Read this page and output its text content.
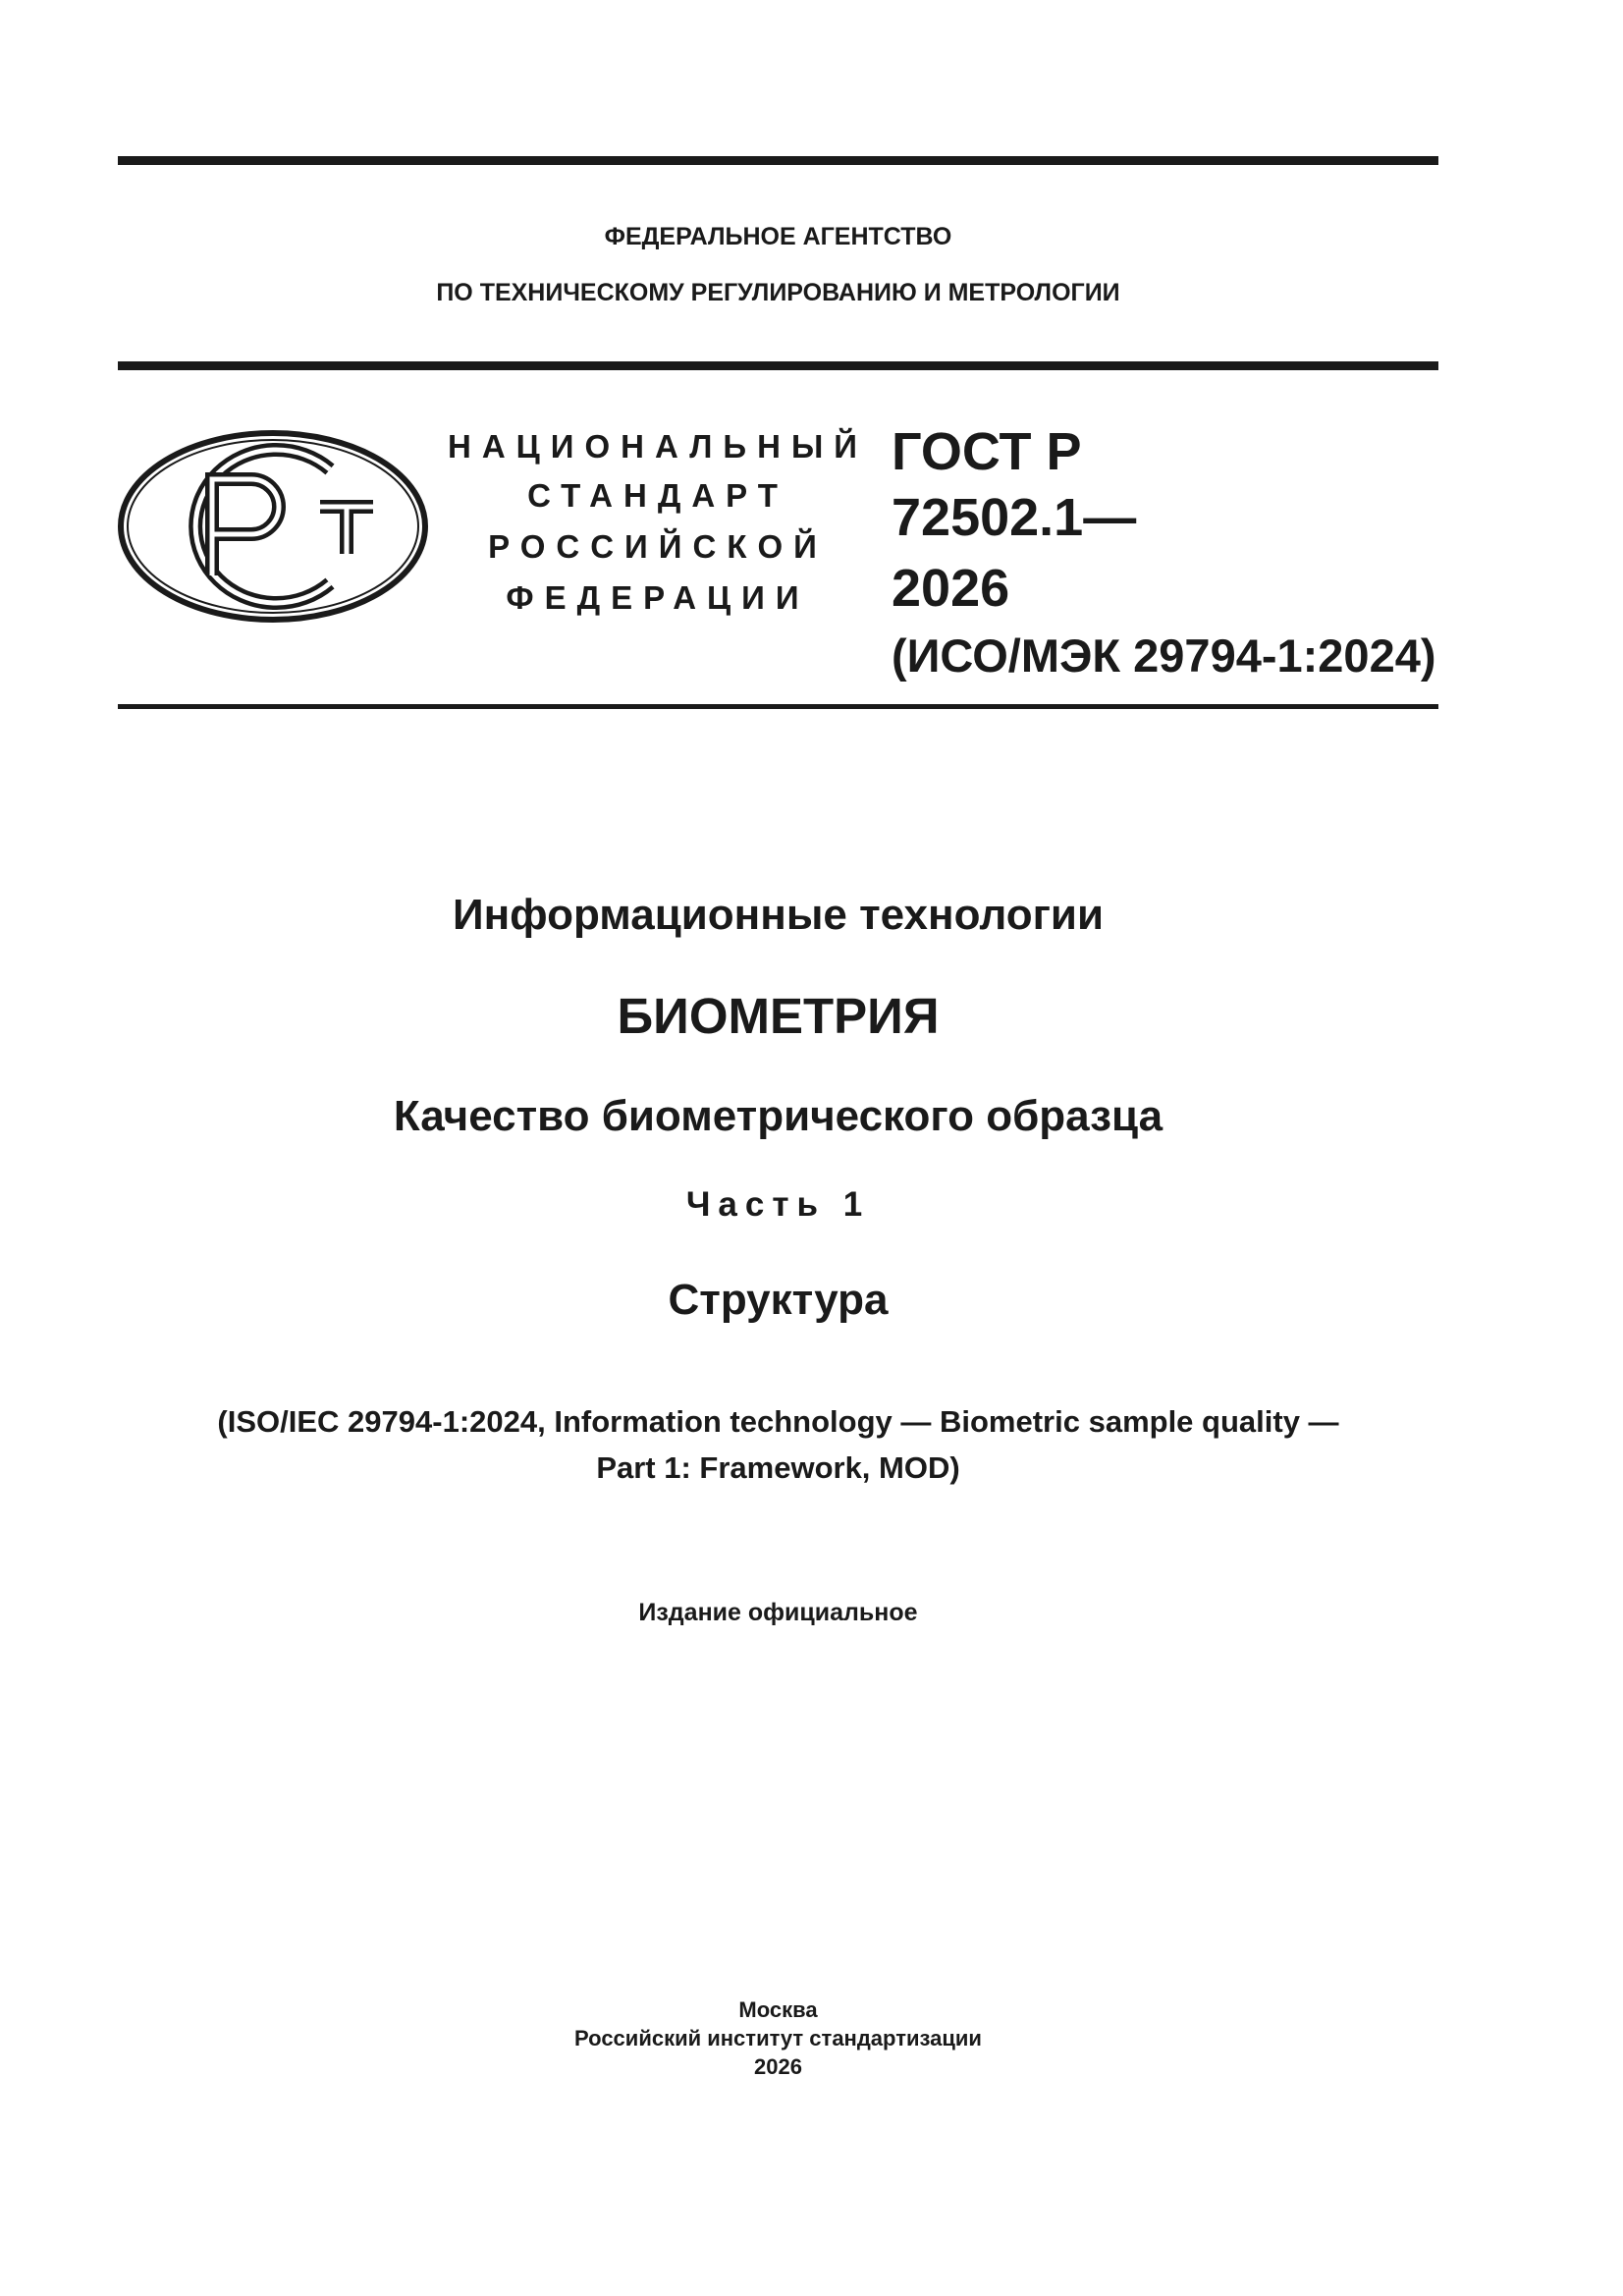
ФЕДЕРАЛЬНОЕ АГЕНТСТВО
ПО ТЕХНИЧЕСКОМУ РЕГУЛИРОВАНИЮ И МЕТРОЛОГИИ
НАЦИОНАЛЬНЫЙ
СТАНДАРТ
РОССИЙСКОЙ
ФЕДЕРАЦИИ
ГОСТ Р
72502.1—
2026
(ИСО/МЭК 29794-1:2024)
Информационные технологии
БИОМЕТРИЯ
Качество биометрического образца
Часть 1
Структура
(ISO/IEC 29794-1:2024, Information technology — Biometric sample quality —
Part 1: Framework, MOD)
Издание официальное
Москва
Российский институт стандартизации
2026
